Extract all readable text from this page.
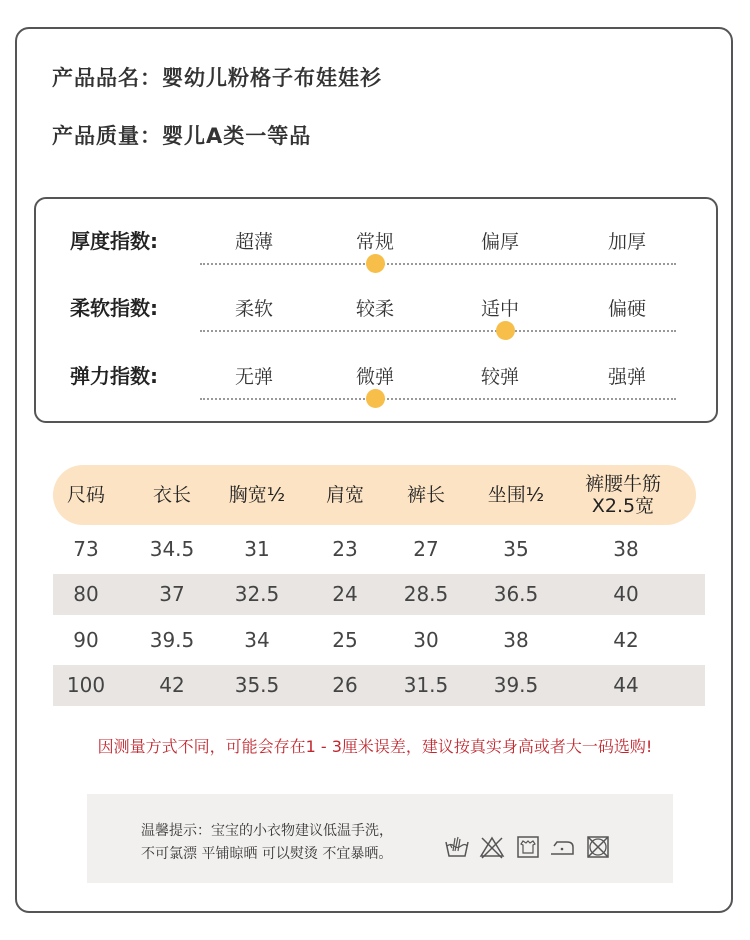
产品品名：婴幼儿粉格子布娃娃衫
产品质量：婴儿A类一等品
厚度指数:	超薄	常规	偏厚	加厚
柔软指数:	柔软	较柔	适中	偏硬
弹力指数:	无弹	微弹	较弹	强弹
尺码	衣长	胸宽½	肩宽	裤长	坐围½	裤腰牛筋
X2.5宽
73	34.5	31	23	27	35	38
80	37	32.5	24	28.5	36.5	40
90	39.5	34	25	30	38	42
100	42	35.5	26	31.5	39.5	44
因测量方式不同，可能会存在1 - 3厘米误差，建议按真实身高或者大一码选购!
温馨提示：宝宝的小衣物建议低温手洗，
不可氯漂 平铺晾晒 可以熨烫 不宜暴晒。
